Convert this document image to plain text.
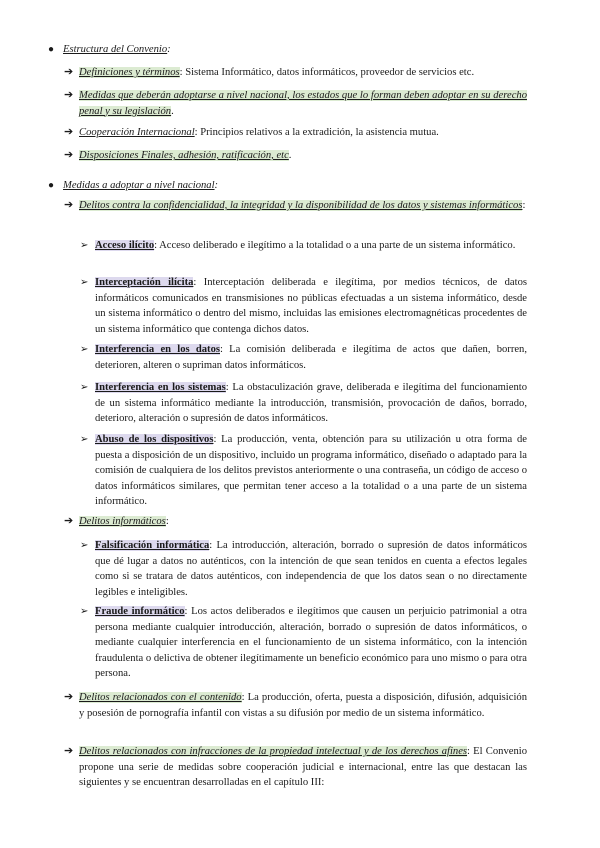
● Estructura del Convenio:
➔ Definiciones y términos: Sistema Informático, datos informáticos, proveedor de servicios etc.
➔ Medidas que deberán adoptarse a nivel nacional, los estados que lo forman deben adoptar en su derecho penal y su legislación.
➔ Cooperación Internacional: Principios relativos a la extradición, la asistencia mutua.
➔ Disposiciones Finales, adhesión, ratificación, etc.
● Medidas a adoptar a nivel nacional:
➔ Delitos contra la confidencialidad, la integridad y la disponibilidad de los datos y sistemas informáticos:
➢ Acceso ilícito: Acceso deliberado e ilegítimo a la totalidad o a una parte de un sistema informático.
➢ Interceptación ilícita: Interceptación deliberada e ilegítima, por medios técnicos, de datos informáticos comunicados en transmisiones no públicas efectuadas a un sistema informático, desde un sistema informático o dentro del mismo, incluidas las emisiones electromagnéticas procedentes de un sistema informático que contenga dichos datos.
➢ Interferencia en los datos: La comisión deliberada e ilegítima de actos que dañen, borren, deterioren, alteren o supriman datos informáticos.
➢ Interferencia en los sistemas: La obstaculización grave, deliberada e ilegítima del funcionamiento de un sistema informático mediante la introducción, transmisión, provocación de daños, borrado, deterioro, alteración o supresión de datos informáticos.
➢ Abuso de los dispositivos: La producción, venta, obtención para su utilización u otra forma de puesta a disposición de un dispositivo, incluido un programa informático, diseñado o adaptado para la comisión de cualquiera de los delitos previstos anteriormente o una contraseña, un código de acceso o datos informáticos similares, que permitan tener acceso a la totalidad o a una parte de un sistema informático.
➔ Delitos informáticos:
➢ Falsificación informática: La introducción, alteración, borrado o supresión de datos informáticos que dé lugar a datos no auténticos, con la intención de que sean tenidos en cuenta a efectos legales como si se tratara de datos auténticos, con independencia de que los datos sean o no directamente legibles e inteligibles.
➢ Fraude informático: Los actos deliberados e ilegítimos que causen un perjuicio patrimonial a otra persona mediante cualquier introducción, alteración, borrado o supresión de datos informáticos, o mediante cualquier interferencia en el funcionamiento de un sistema informático, con la intención fraudulenta o delictiva de obtener ilegítimamente un beneficio económico para uno mismo o para otra persona.
➔ Delitos relacionados con el contenido: La producción, oferta, puesta a disposición, difusión, adquisición y posesión de pornografía infantil con vistas a su difusión por medio de un sistema informático.
➔ Delitos relacionados con infracciones de la propiedad intelectual y de los derechos afines: El Convenio propone una serie de medidas sobre cooperación judicial e internacional, entre las que destacan las siguientes y se encuentran desarrolladas en el capítulo III:
